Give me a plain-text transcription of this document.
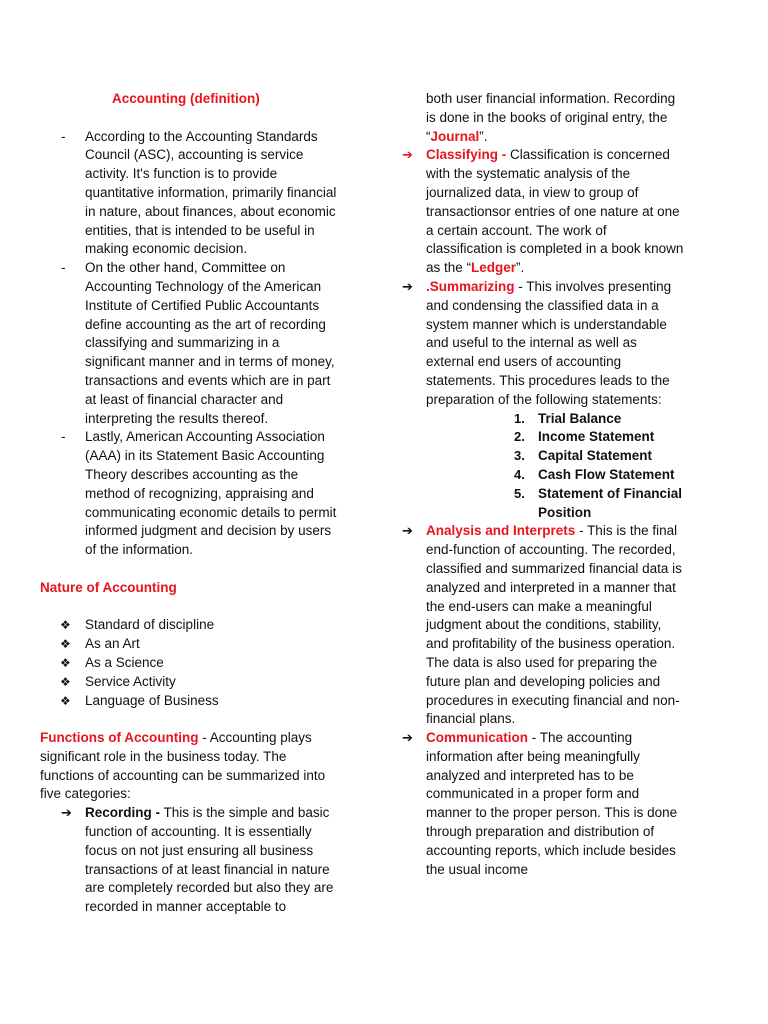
Accounting (definition)

- According to the Accounting Standards Council (ASC), accounting is service activity. It's function is to provide quantitative information, primarily financial in nature, about finances, about economic entities, that is intended to be useful in making economic decision.
- On the other hand, Committee on Accounting Technology of the American Institute of Certified Public Accountants define accounting as the art of recording classifying and summarizing in a significant manner and in terms of money, transactions and events which are in part at least of financial character and interpreting the results thereof.
- Lastly, American Accounting Association (AAA) in its Statement Basic Accounting Theory describes accounting as the method of recognizing, appraising and communicating economic details to permit informed judgment and decision by users of the information.

Nature of Accounting

❖ Standard of discipline
❖ As an Art
❖ As a Science
❖ Service Activity
❖ Language of Business

Functions of Accounting - Accounting plays significant role in the business today. The functions of accounting can be summarized into five categories:

➔ Recording - This is the simple and basic function of accounting. It is essentially focus on not just ensuring all business transactions of at least financial in nature are completely recorded but also they are recorded in manner acceptable to

both user financial information. Recording is done in the books of original entry, the “Journal”.

➔ Classifying - Classification is concerned with the systematic analysis of the journalized data, in view to group of transactionsor entries of one nature at one a certain account. The work of classification is completed in a book known as the “Ledger”.
➔ .Summarizing - This involves presenting and condensing the classified data in a system manner which is understandable and useful to the internal as well as external end users of accounting statements. This procedures leads to the preparation of the following statements:
1. Trial Balance
2. Income Statement
3. Capital Statement
4. Cash Flow Statement
5. Statement of Financial Position
➔ Analysis and Interprets - This is the final end-function of accounting. The recorded, classified and summarized financial data is analyzed and interpreted in a manner that the end-users can make a meaningful judgment about the conditions, stability, and profitability of the business operation. The data is also used for preparing the future plan and developing policies and procedures in executing financial and non-financial plans.
➔ Communication - The accounting information after being meaningfully analyzed and interpreted has to be communicated in a proper form and manner to the proper person. This is done through preparation and distribution of accounting reports, which include besides the usual income
